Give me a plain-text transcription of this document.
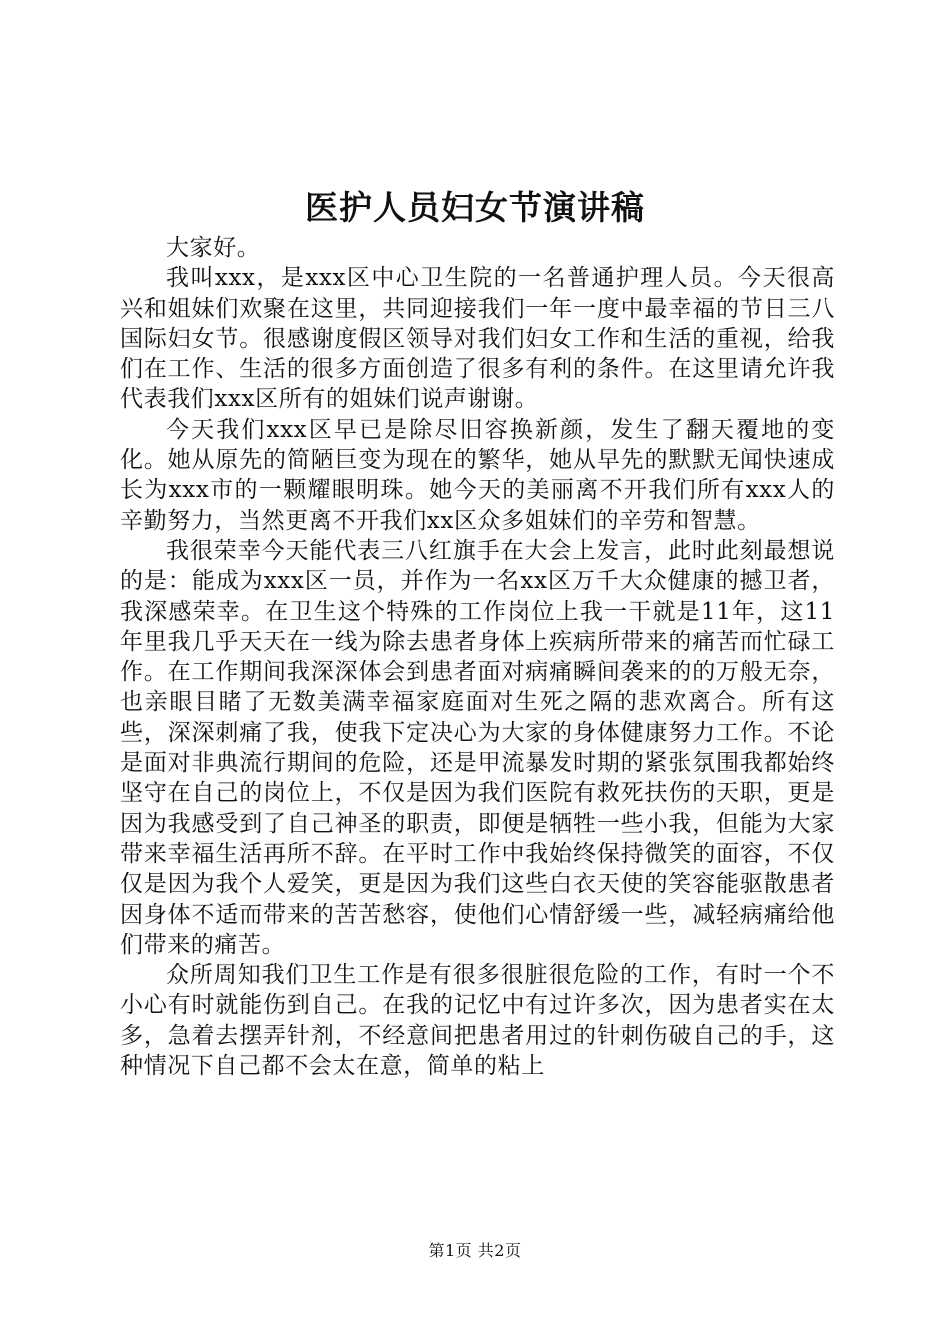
医护人员妇女节演讲稿

大家好。

我叫xxx，是xxx区中心卫生院的一名普通护理人员。今天很高兴和姐妹们欢聚在这里，共同迎接我们一年一度中最幸福的节日三八国际妇女节。很感谢度假区领导对我们妇女工作和生活的重视，给我们在工作、生活的很多方面创造了很多有利的条件。在这里请允许我代表我们xxx区所有的姐妹们说声谢谢。

今天我们xxx区早已是除尽旧容换新颜，发生了翻天覆地的变化。她从原先的简陋巨变为现在的繁华，她从早先的默默无闻快速成长为xxx市的一颗耀眼明珠。她今天的美丽离不开我们所有xxx人的辛勤努力，当然更离不开我们xx区众多姐妹们的辛劳和智慧。

我很荣幸今天能代表三八红旗手在大会上发言，此时此刻最想说的是：能成为xxx区一员，并作为一名xx区万千大众健康的撼卫者，我深感荣幸。在卫生这个特殊的工作岗位上我一干就是11年，这11年里我几乎天天在一线为除去患者身体上疾病所带来的痛苦而忙碌工作。在工作期间我深深体会到患者面对病痛瞬间袭来的的万般无奈，也亲眼目睹了无数美满幸福家庭面对生死之隔的悲欢离合。所有这些，深深刺痛了我，使我下定决心为大家的身体健康努力工作。不论是面对非典流行期间的危险，还是甲流暴发时期的紧张氛围我都始终坚守在自己的岗位上，不仅是因为我们医院有救死扶伤的天职，更是因为我感受到了自己神圣的职责，即便是牺牲一些小我，但能为大家带来幸福生活再所不辞。在平时工作中我始终保持微笑的面容，不仅仅是因为我个人爱笑，更是因为我们这些白衣天使的笑容能驱散患者因身体不适而带来的苦苦愁容，使他们心情舒缓一些，减轻病痛给他们带来的痛苦。

众所周知我们卫生工作是有很多很脏很危险的工作，有时一个不小心有时就能伤到自己。在我的记忆中有过许多次，因为患者实在太多，急着去摆弄针剂，不经意间把患者用过的针刺伤破自己的手，这种情况下自己都不会太在意，简单的粘上

第1页 共2页
